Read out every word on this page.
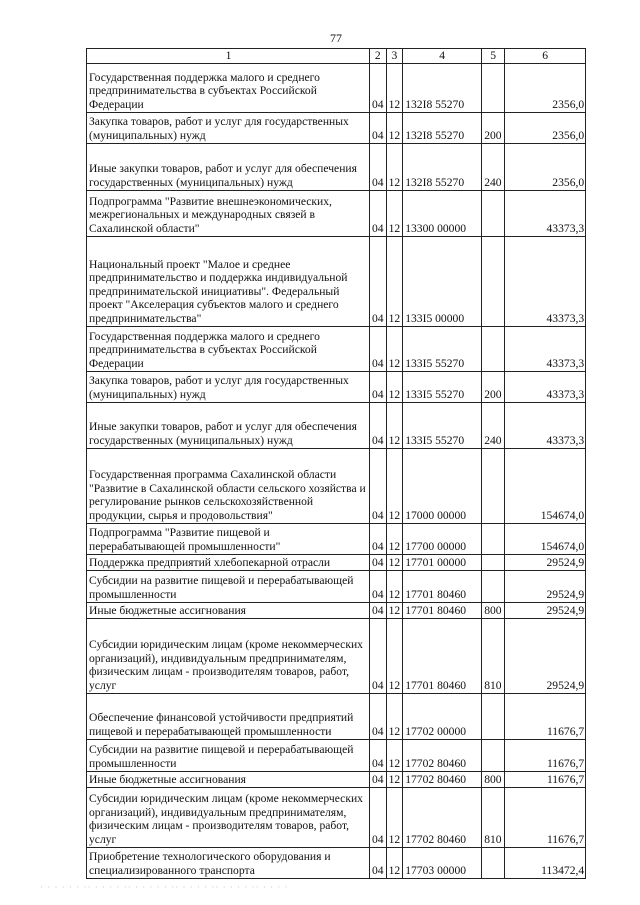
77
1	2	3	4	5	6
Государственная поддержка малого и среднего предпринимательства в субъектах Российской Федерации	04	12	132I8 55270		2356,0
Закупка товаров, работ и услуг для государственных (муниципальных) нужд	04	12	132I8 55270	200	2356,0
Иные закупки товаров, работ и услуг для обеспечения государственных (муниципальных) нужд	04	12	132I8 55270	240	2356,0
Подпрограмма "Развитие внешнеэкономических, межрегиональных и международных связей в Сахалинской области"	04	12	13300 00000		43373,3
Национальный проект "Малое и среднее предпринимательство и поддержка индивидуальной предпринимательской инициативы". Федеральный проект "Акселерация субъектов малого и среднего предпринимательства"	04	12	133I5 00000		43373,3
Государственная поддержка малого и среднего предпринимательства в субъектах Российской Федерации	04	12	133I5 55270		43373,3
Закупка товаров, работ и услуг для государственных (муниципальных) нужд	04	12	133I5 55270	200	43373,3
Иные закупки товаров, работ и услуг для обеспечения государственных (муниципальных) нужд	04	12	133I5 55270	240	43373,3
Государственная программа Сахалинской области "Развитие в Сахалинской области сельского хозяйства и регулирование рынков сельскохозяйственной продукции, сырья и продовольствия"	04	12	17000 00000		154674,0
Подпрограмма "Развитие пищевой и перерабатывающей промышленности"	04	12	17700 00000		154674,0
Поддержка предприятий хлебопекарной отрасли	04	12	17701 00000		29524,9
Субсидии на развитие пищевой и перерабатывающей промышленности	04	12	17701 80460		29524,9
Иные бюджетные ассигнования	04	12	17701 80460	800	29524,9
Субсидии юридическим лицам (кроме некоммерческих организаций), индивидуальным предпринимателям, физическим лицам - производителям товаров, работ, услуг	04	12	17701 80460	810	29524,9
Обеспечение финансовой устойчивости предприятий пищевой и перерабатывающей промышленности	04	12	17702 00000		11676,7
Субсидии на развитие пищевой и перерабатывающей промышленности	04	12	17702 80460		11676,7
Иные бюджетные ассигнования	04	12	17702 80460	800	11676,7
Субсидии юридическим лицам (кроме некоммерческих организаций), индивидуальным предпринимателям, физическим лицам - производителям товаров, работ, услуг	04	12	17702 80460	810	11676,7
Приобретение технологического оборудования и специализированного транспорта	04	12	17703 00000		113472,4
· · · · · · ·· · · · · ·· · · · · · ·· · · · · ·· · · · · ·· · · · ·
